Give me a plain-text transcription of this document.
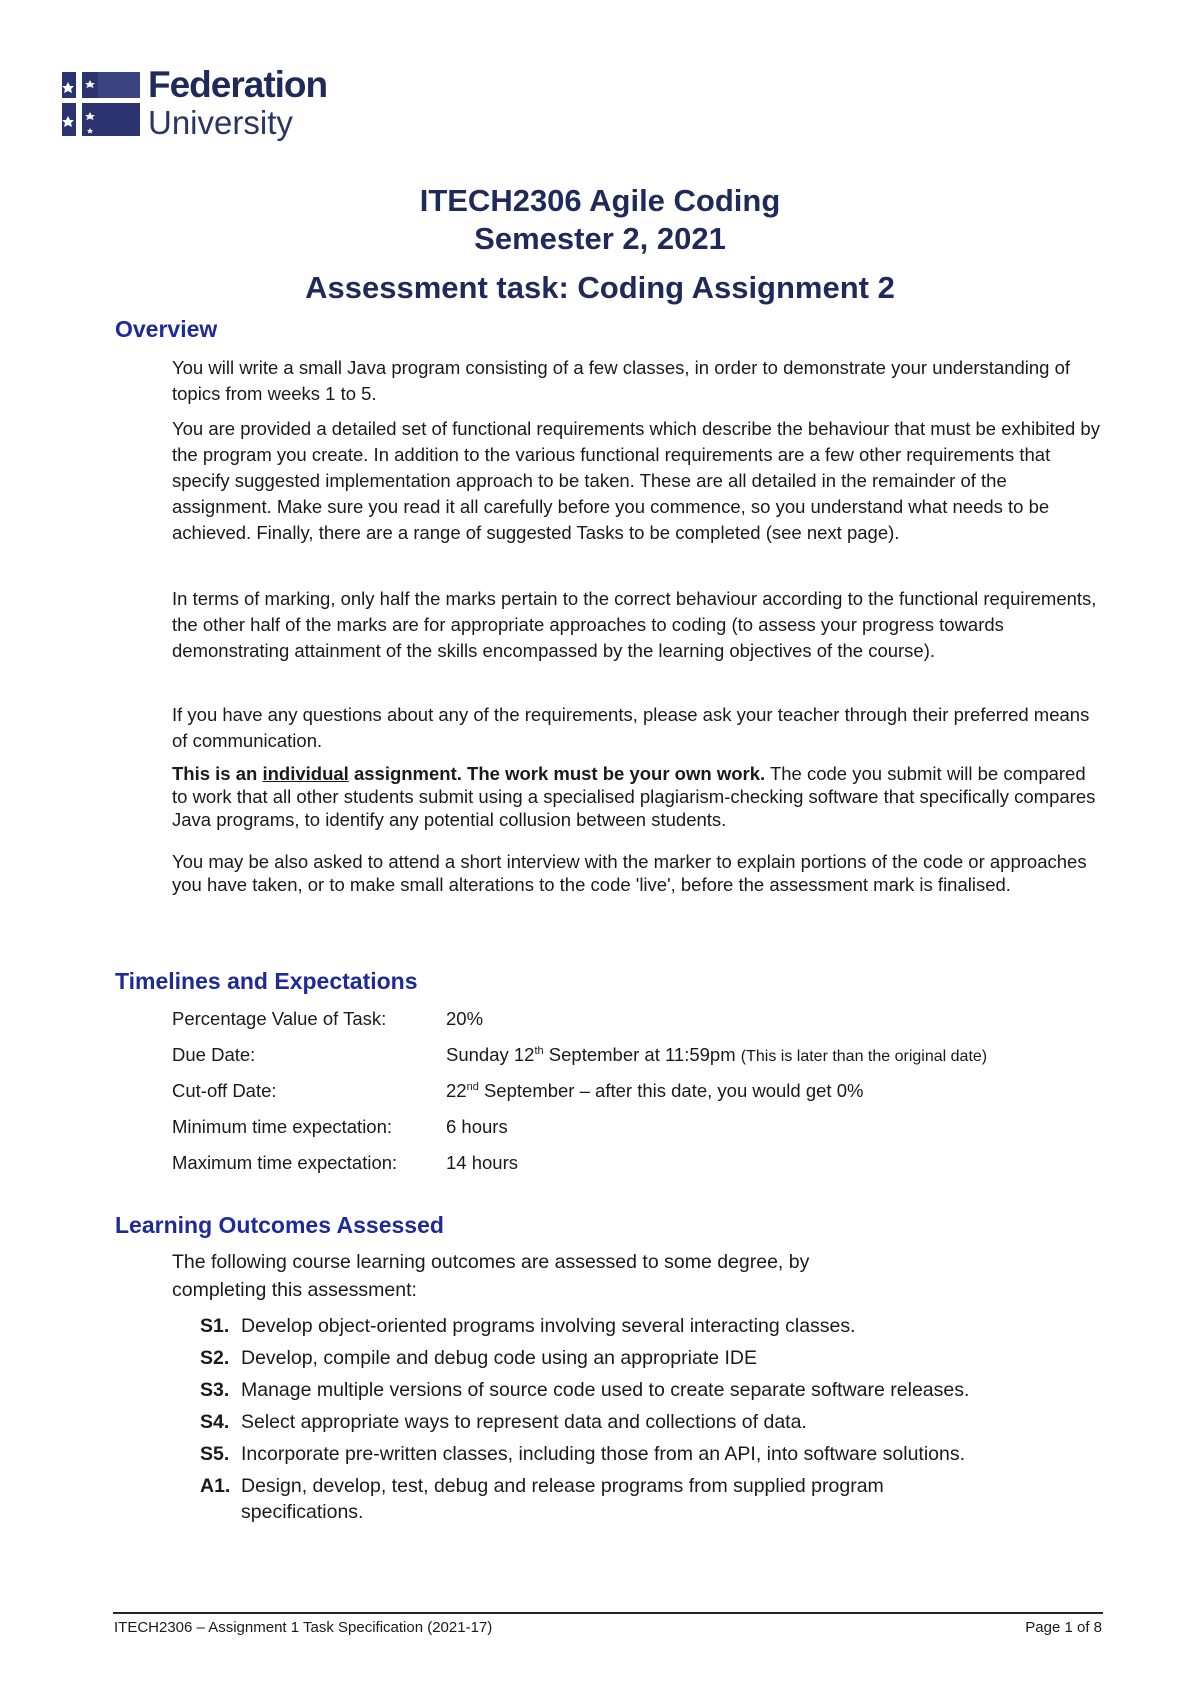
Federation
University
ITECH2306 Agile Coding
Semester 2, 2021
Assessment task: Coding Assignment 2
Overview

You will write a small Java program consisting of a few classes, in order to demonstrate your understanding of topics from weeks 1 to 5.

You are provided a detailed set of functional requirements which describe the behaviour that must be exhibited by the program you create. In addition to the various functional requirements are a few other requirements that specify suggested implementation approach to be taken. These are all detailed in the remainder of the assignment. Make sure you read it all carefully before you commence, so you understand what needs to be achieved. Finally, there are a range of suggested Tasks to be completed (see next page).

In terms of marking, only half the marks pertain to the correct behaviour according to the functional requirements, the other half of the marks are for appropriate approaches to coding (to assess your progress towards demonstrating attainment of the skills encompassed by the learning objectives of the course).

If you have any questions about any of the requirements, please ask your teacher through their preferred means of communication.

This is an individual assignment. The work must be your own work. The code you submit will be compared to work that all other students submit using a specialised plagiarism-checking software that specifically compares Java programs, to identify any potential collusion between students.

You may be also asked to attend a short interview with the marker to explain portions of the code or approaches you have taken, or to make small alterations to the code 'live', before the assessment mark is finalised.

Timelines and Expectations
Percentage Value of Task:	20%
Due Date:	Sunday 12th September at 11:59pm (This is later than the original date)
Cut-off Date:	22nd September – after this date, you would get 0%
Minimum time expectation:	6 hours
Maximum time expectation:	14 hours
Learning Outcomes Assessed

The following course learning outcomes are assessed to some degree, by
completing this assessment:

S1. Develop object-oriented programs involving several interacting classes.
S2. Develop, compile and debug code using an appropriate IDE
S3. Manage multiple versions of source code used to create separate software releases.
S4. Select appropriate ways to represent data and collections of data.
S5. Incorporate pre-written classes, including those from an API, into software solutions.
A1. Design, develop, test, debug and release programs from supplied program
specifications.
ITECH2306 – Assignment 1 Task Specification (2021-17)	Page 1 of 8
